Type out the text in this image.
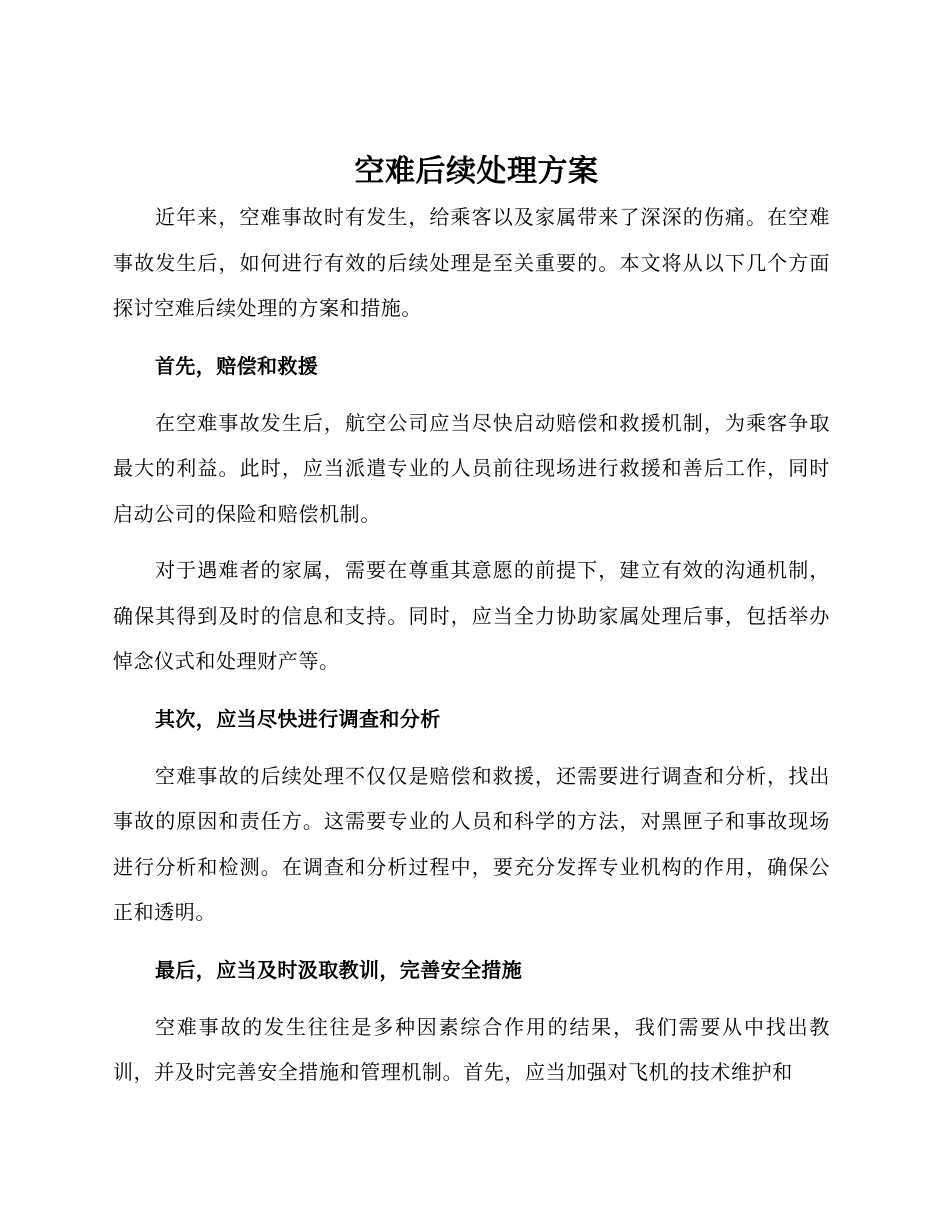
空难后续处理方案

近年来，空难事故时有发生，给乘客以及家属带来了深深的伤痛。在空难事故发生后，如何进行有效的后续处理是至关重要的。本文将从以下几个方面探讨空难后续处理的方案和措施。

首先，赔偿和救援

在空难事故发生后，航空公司应当尽快启动赔偿和救援机制，为乘客争取最大的利益。此时，应当派遣专业的人员前往现场进行救援和善后工作，同时启动公司的保险和赔偿机制。

对于遇难者的家属，需要在尊重其意愿的前提下，建立有效的沟通机制，确保其得到及时的信息和支持。同时，应当全力协助家属处理后事，包括举办悼念仪式和处理财产等。

其次，应当尽快进行调查和分析

空难事故的后续处理不仅仅是赔偿和救援，还需要进行调查和分析，找出事故的原因和责任方。这需要专业的人员和科学的方法，对黑匣子和事故现场进行分析和检测。在调查和分析过程中，要充分发挥专业机构的作用，确保公正和透明。

最后，应当及时汲取教训，完善安全措施

空难事故的发生往往是多种因素综合作用的结果，我们需要从中找出教训，并及时完善安全措施和管理机制。首先，应当加强对飞机的技术维护和
